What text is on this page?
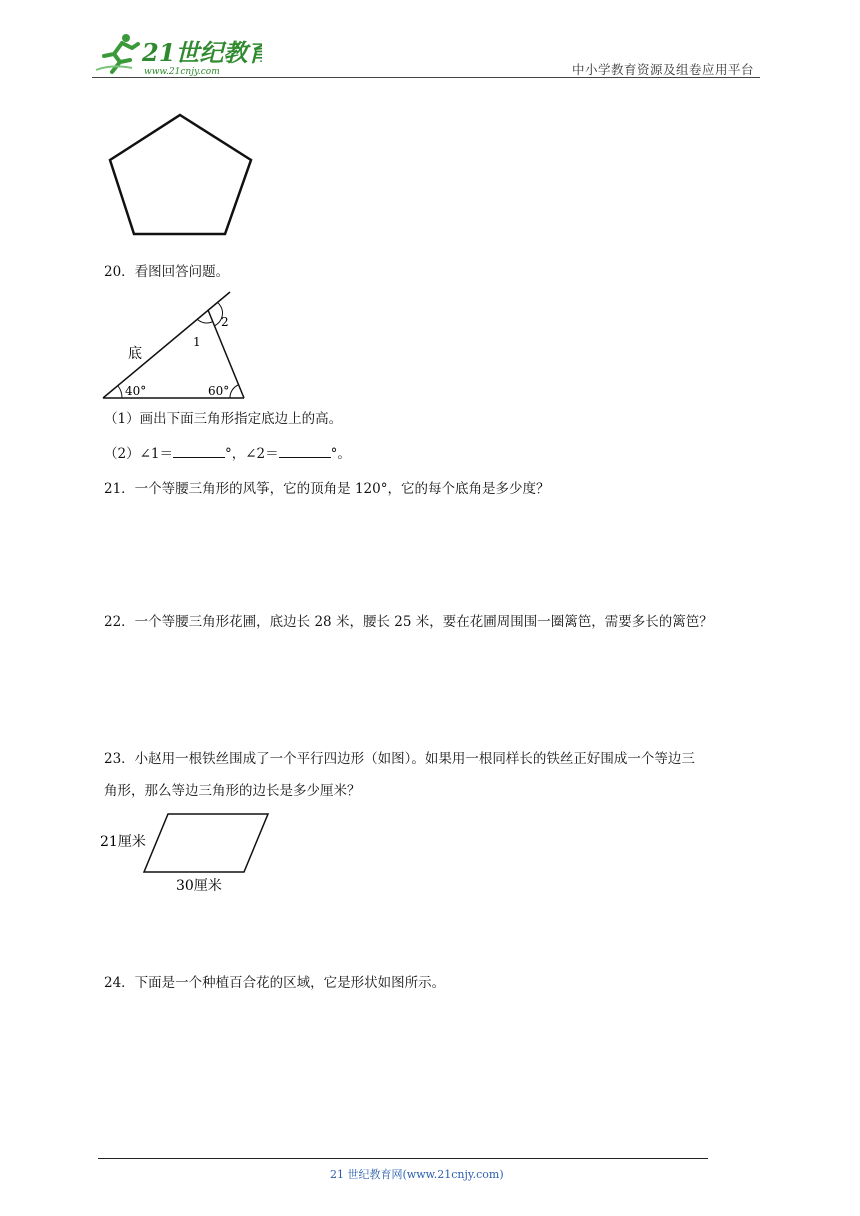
21世纪教育
www.21cnjy.com	中小学教育资源及组卷应用平台
20．看图回答问题。
底
1
2
40°	60°
（1）画出下面三角形指定底边上的高。
（2）∠1＝	°，∠2＝	°。
21．一个等腰三角形的风筝，它的顶角是 120°，它的每个底角是多少度？
22．一个等腰三角形花圃，底边长 28 米，腰长 25 米，要在花圃周围围一圈篱笆，需要多长的篱笆？
23．小赵用一根铁丝围成了一个平行四边形（如图）。如果用一根同样长的铁丝正好围成一个等边三
角形，那么等边三角形的边长是多少厘米？
21厘米
30厘米
24．下面是一个种植百合花的区域，它是形状如图所示。
21 世纪教育网(www.21cnjy.com)
